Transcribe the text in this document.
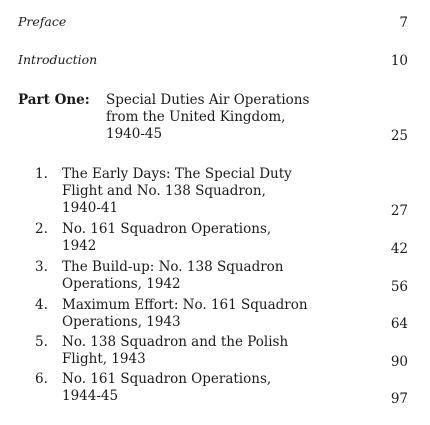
Preface	7
Introduction	10
Part One: Special Duties Air Operations
from the United Kingdom,
1940-45	25
1. The Early Days: The Special Duty
Flight and No. 138 Squadron,
1940-41	27
2. No. 161 Squadron Operations,
1942	42
3. The Build-up: No. 138 Squadron
Operations, 1942	56
4. Maximum Effort: No. 161 Squadron
Operations, 1943	64
5. No. 138 Squadron and the Polish
Flight, 1943	90
6. No. 161 Squadron Operations,
1944-45	97
